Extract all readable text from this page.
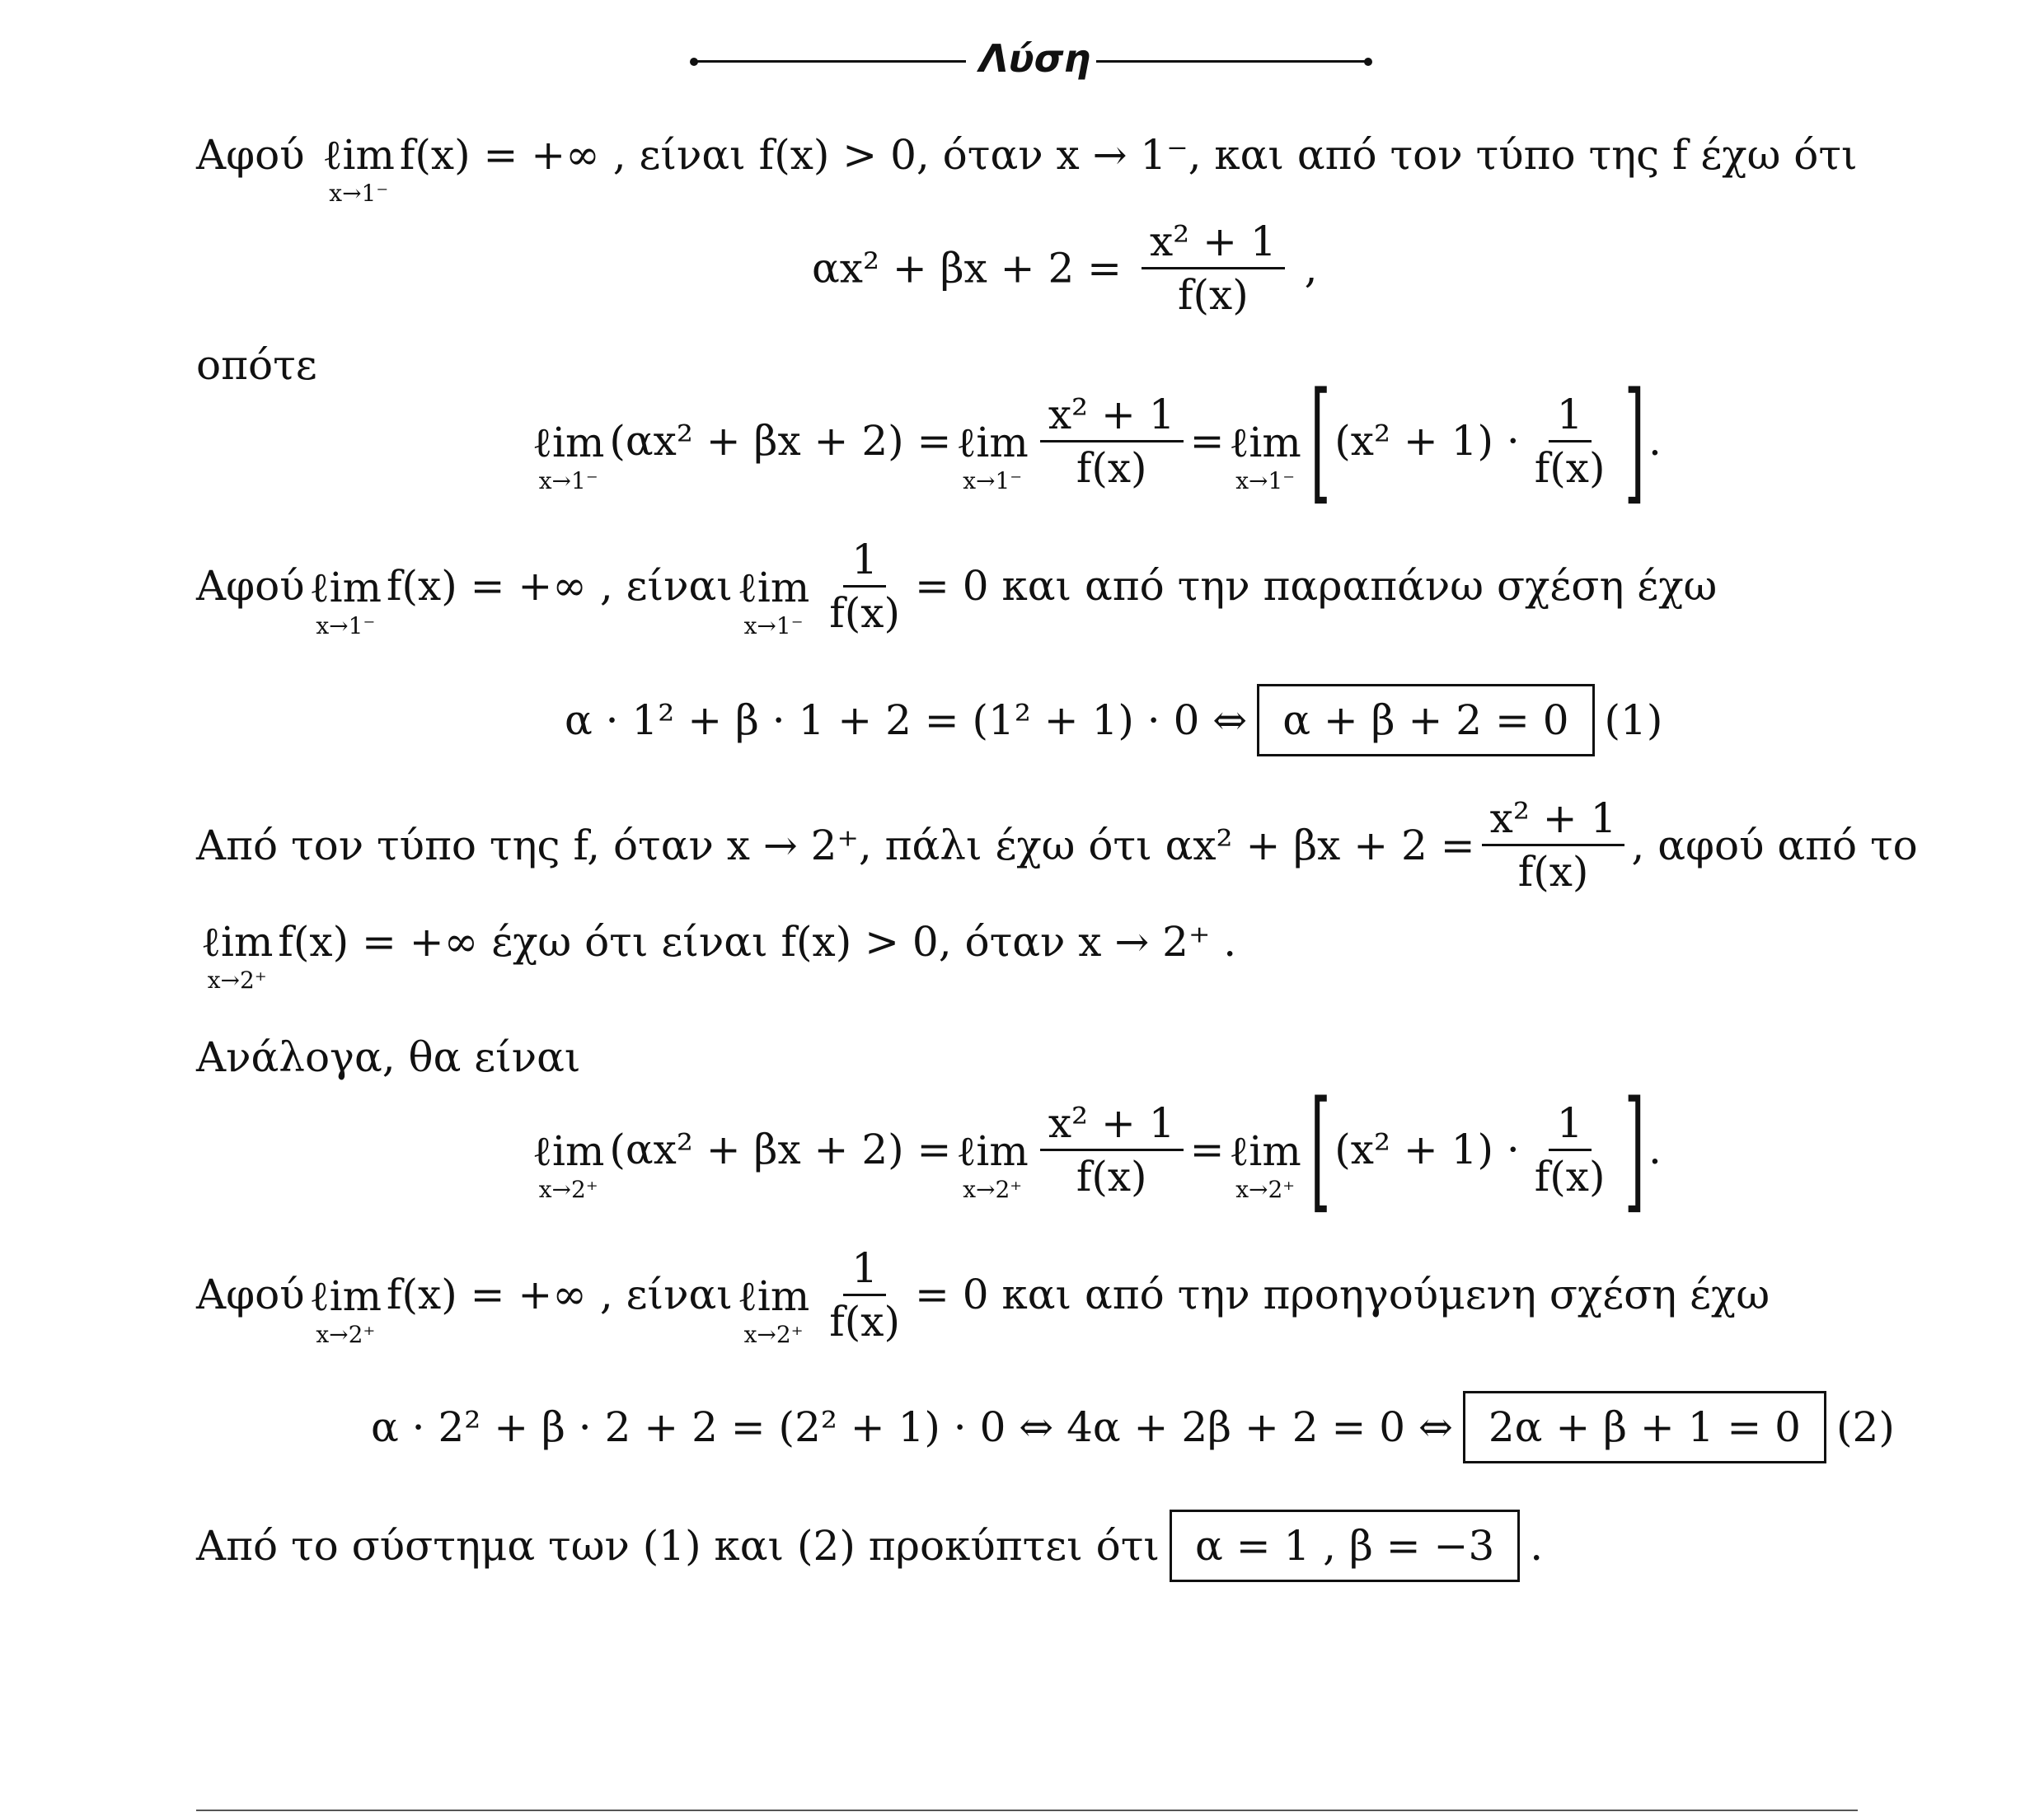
Λύση
Αφού ℓim
x→1⁻
f(x) = +∞ , είναι f(x) > 0, όταν x → 1⁻, και από τον τύπο της f έχω ότι
$\alpha x^2 + \beta x + 2 = \frac{\text{x² + 1}}{f(x)}$ ,
οπότε
ℓim
x→1⁻
(αx² + βx + 2) = ℓim
$x\to 1^- \frac{\text{x² + 1}}{f(x)}$ = ℓim
x→1⁻ [ $(x^2 + 1) \cdot \frac{1}{f(x)}$ ] .
Αφού ℓim
x→1⁻
f(x) = +∞ , είναι ℓim
$x\to 1^- \frac{1}{f(x)} = 0$ και από την παραπάνω σχέση έχω
α · 1² + β · 1 + 2 = (1² + 1) · 0 ⇔ α + β + 2 = 0 (1)
Από τον τύπο της f, όταν x → 2⁺, πάλι έχω ότι $\alpha x^2 + \beta x + 2 = \frac{\text{x² + 1}}{f(x)}$ , αφού από το
ℓim
x→2⁺
f(x) = +∞ έχω ότι είναι f(x) > 0, όταν x → 2⁺ .
Ανάλογα, θα είναι
ℓim
x→2⁺
(αx² + βx + 2) = ℓim
$x\to 2^+ \frac{\text{x² + 1}}{f(x)}$ = ℓim
x→2⁺ [ $(x^2 + 1) \cdot \frac{1}{f(x)}$ ] .
Αφού ℓim
x→2⁺
f(x) = +∞ , είναι ℓim
$x\to 2^+ \frac{1}{f(x)} = 0$ και από την προηγούμενη σχέση έχω
α · 2² + β · 2 + 2 = (2² + 1) · 0 ⇔ 4α + 2β + 2 = 0 ⇔ 2α + β + 1 = 0 (2)
Από το σύστημα των (1) και (2) προκύπτει ότι α = 1 , β = −3 .
